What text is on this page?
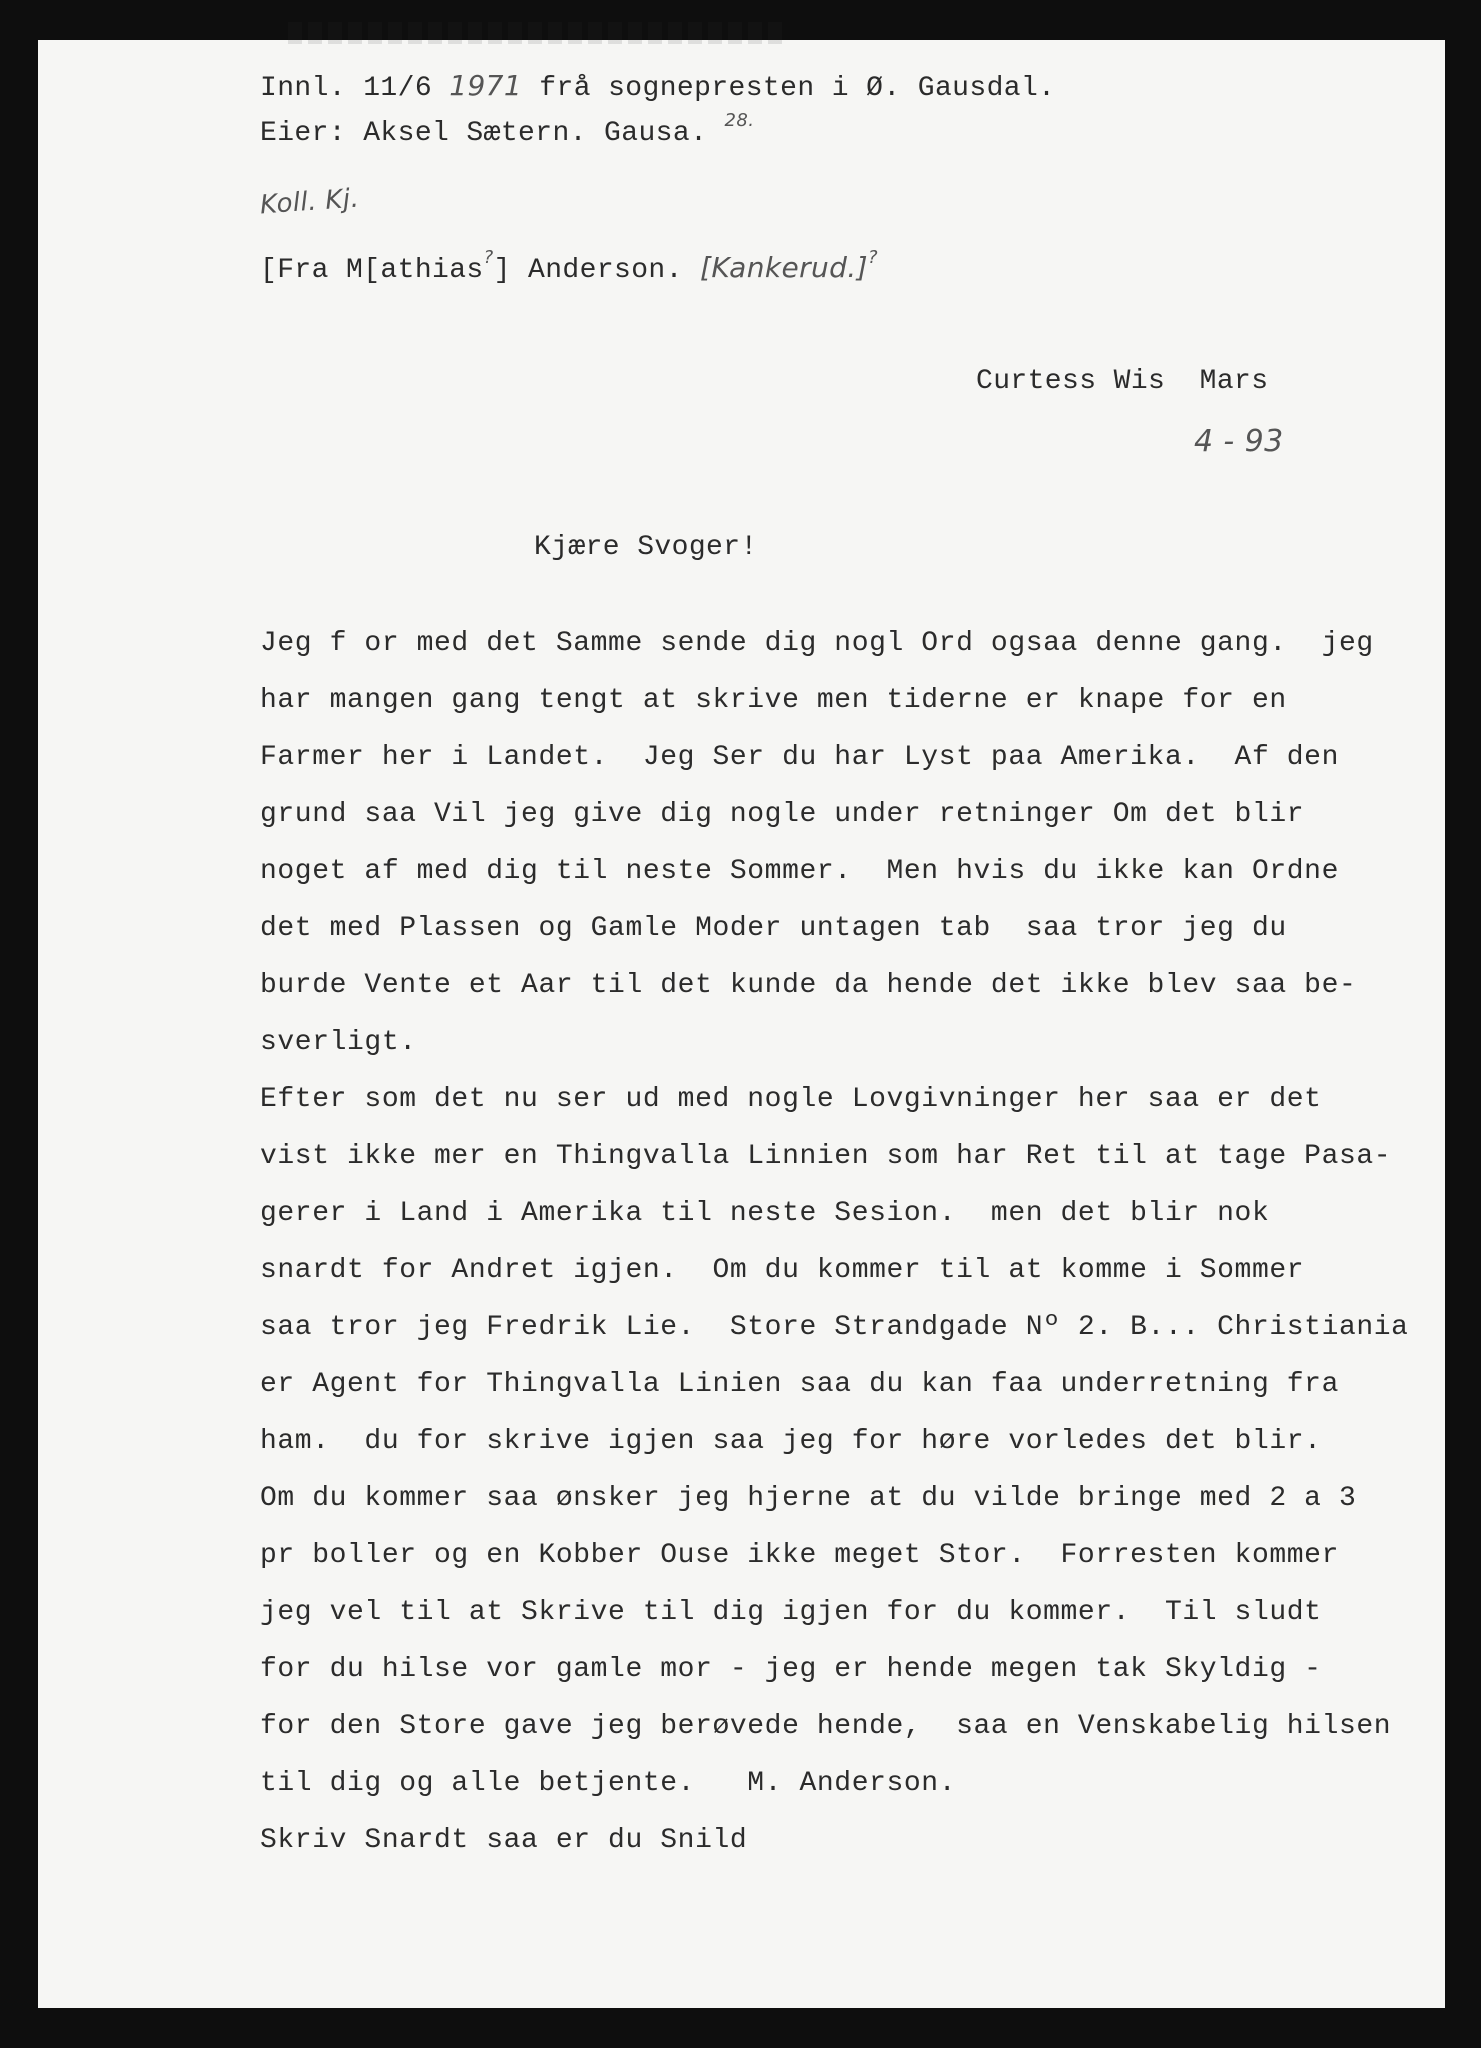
Innl. 11/6 1971 frå sognepresten i Ø. Gausdal.
Eier: Aksel Sætern. Gausa. $^{28.}$
Koll. Kj.
[Fra M[athias?] Anderson. [Kankerud.]?
Curtess Wis  Mars
4 - 93
Kjære Svoger!
Jeg f or med det Samme sende dig nogl Ord ogsaa denne gang.  jeg
har mangen gang tengt at skrive men tiderne er knape for en
Farmer her i Landet.  Jeg Ser du har Lyst paa Amerika.  Af den
grund saa Vil jeg give dig nogle under retninger Om det blir
noget af med dig til neste Sommer.  Men hvis du ikke kan Ordne
det med Plassen og Gamle Moder untagen tab  saa tror jeg du
burde Vente et Aar til det kunde da hende det ikke blev saa be-
sverligt.
Efter som det nu ser ud med nogle Lovgivninger her saa er det
vist ikke mer en Thingvalla Linnien som har Ret til at tage Pasa-
gerer i Land i Amerika til neste Sesion.  men det blir nok
snardt for Andret igjen.  Om du kommer til at komme i Sommer
saa tror jeg Fredrik Lie.  Store Strandgade Nº 2. B... Christiania
er Agent for Thingvalla Linien saa du kan faa underretning fra
ham.  du for skrive igjen saa jeg for høre vorledes det blir.
Om du kommer saa ønsker jeg hjerne at du vilde bringe med 2 a 3
pr boller og en Kobber Ouse ikke meget Stor.  Forresten kommer
jeg vel til at Skrive til dig igjen for du kommer.  Til sludt
for du hilse vor gamle mor - jeg er hende megen tak Skyldig -
for den Store gave jeg berøvede hende,  saa en Venskabelig hilsen
til dig og alle betjente.   M. Anderson.
Skriv Snardt saa er du Snild
